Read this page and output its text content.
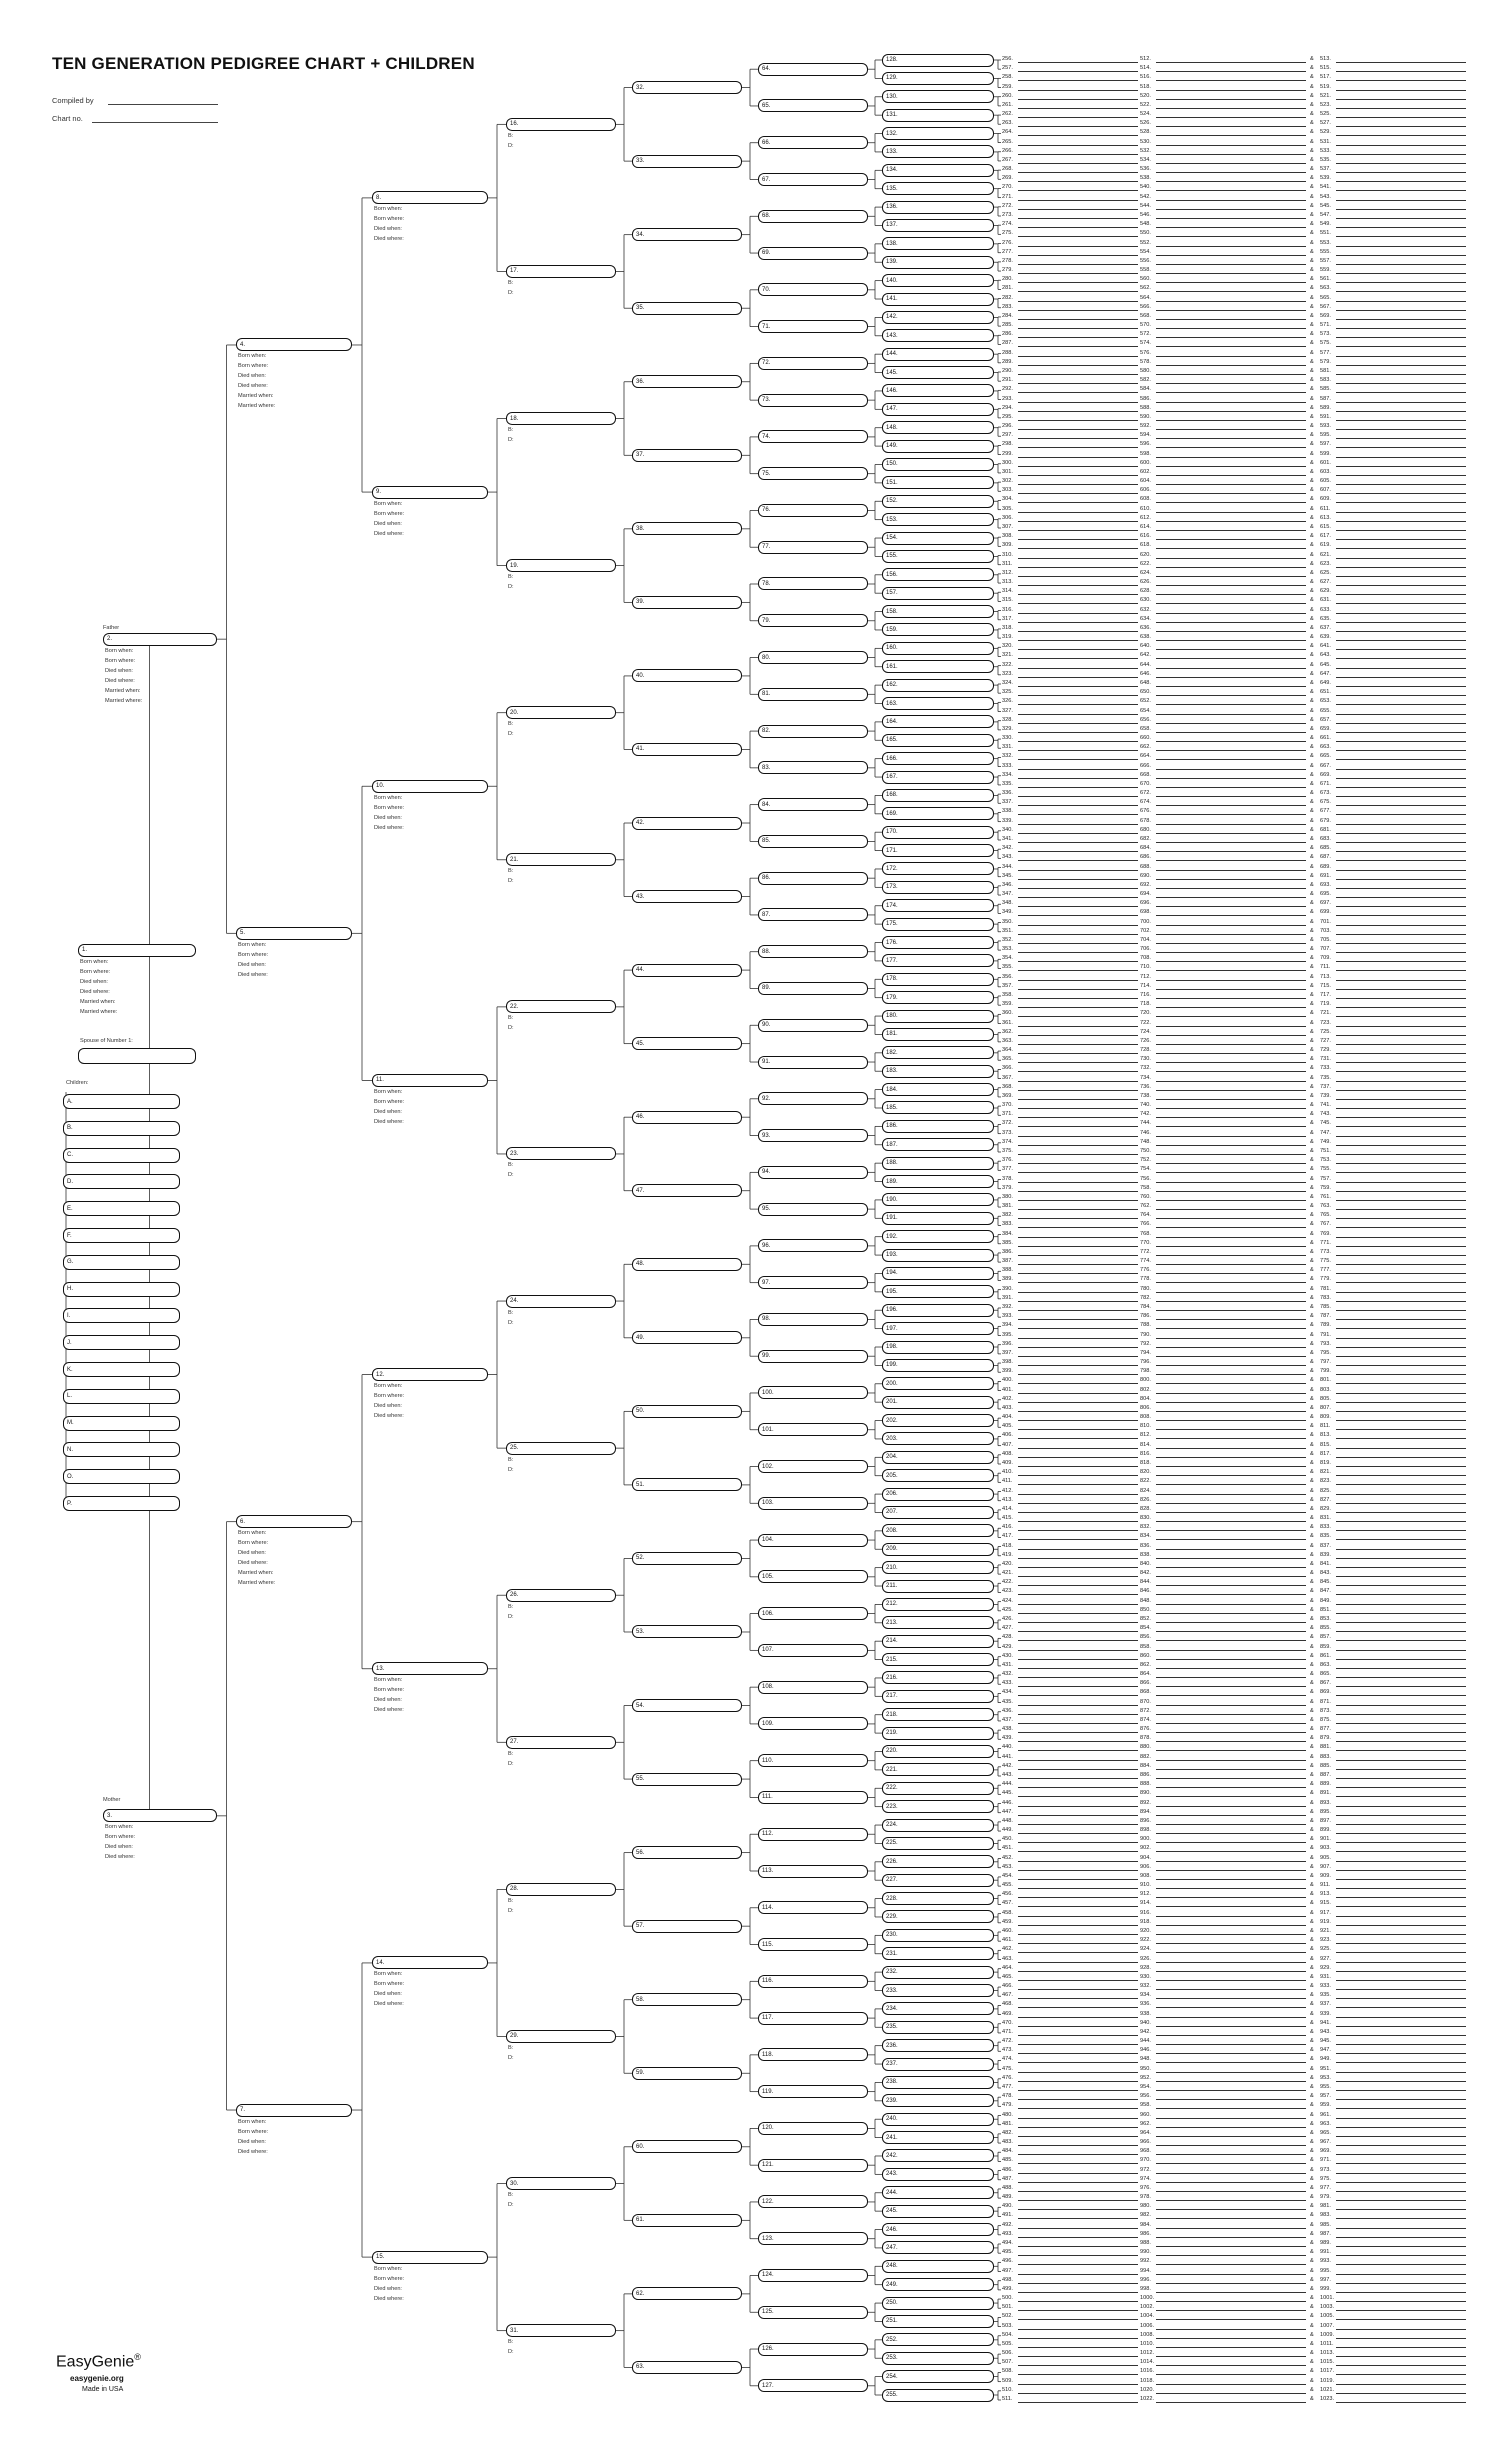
TEN GENERATION PEDIGREE CHART + CHILDREN
Compiled by
Chart no.
Father
Mother
Spouse of Number 1:
Children:
A.
B.
C.
D.
E.
F.
G.
H.
I.
J.
K.
L.
M.
N.
O.
P.
1.
Born when:
Born where:
Died when:
Died where:
Married when:
Married where:
2.
Born when:
Born where:
Died when:
Died where:
Married when:
Married where:
3.
Born when:
Born where:
Died when:
Died where:
4.
Born when:
Born where:
Died when:
Died where:
Married when:
Married where:
5.
Born when:
Born where:
Died when:
Died where:
6.
Born when:
Born where:
Died when:
Died where:
Married when:
Married where:
7.
Born when:
Born where:
Died when:
Died where:
8.
Born when:
Born where:
Died when:
Died where:
9.
Born when:
Born where:
Died when:
Died where:
10.
Born when:
Born where:
Died when:
Died where:
11.
Born when:
Born where:
Died when:
Died where:
12.
Born when:
Born where:
Died when:
Died where:
13.
Born when:
Born where:
Died when:
Died where:
14.
Born when:
Born where:
Died when:
Died where:
15.
Born when:
Born where:
Died when:
Died where:
16.
B:
D:
17.
B:
D:
18.
B:
D:
19.
B:
D:
20.
B:
D:
21.
B:
D:
22.
B:
D:
23.
B:
D:
24.
B:
D:
25.
B:
D:
26.
B:
D:
27.
B:
D:
28.
B:
D:
29.
B:
D:
30.
B:
D:
31.
B:
D:
32.
33.
34.
35.
36.
37.
38.
39.
40.
41.
42.
43.
44.
45.
46.
47.
48.
49.
50.
51.
52.
53.
54.
55.
56.
57.
58.
59.
60.
61.
62.
63.
64.
65.
66.
67.
68.
69.
70.
71.
72.
73.
74.
75.
76.
77.
78.
79.
80.
81.
82.
83.
84.
85.
86.
87.
88.
89.
90.
91.
92.
93.
94.
95.
96.
97.
98.
99.
100.
101.
102.
103.
104.
105.
106.
107.
108.
109.
110.
111.
112.
113.
114.
115.
116.
117.
118.
119.
120.
121.
122.
123.
124.
125.
126.
127.
128.
129.
130.
131.
132.
133.
134.
135.
136.
137.
138.
139.
140.
141.
142.
143.
144.
145.
146.
147.
148.
149.
150.
151.
152.
153.
154.
155.
156.
157.
158.
159.
160.
161.
162.
163.
164.
165.
166.
167.
168.
169.
170.
171.
172.
173.
174.
175.
176.
177.
178.
179.
180.
181.
182.
183.
184.
185.
186.
187.
188.
189.
190.
191.
192.
193.
194.
195.
196.
197.
198.
199.
200.
201.
202.
203.
204.
205.
206.
207.
208.
209.
210.
211.
212.
213.
214.
215.
216.
217.
218.
219.
220.
221.
222.
223.
224.
225.
226.
227.
228.
229.
230.
231.
232.
233.
234.
235.
236.
237.
238.
239.
240.
241.
242.
243.
244.
245.
246.
247.
248.
249.
250.
251.
252.
253.
254.
255.
256.	512.	& 513.
257.	514.	& 515.
258.	516.	& 517.
259.	518.	& 519.
260.	520.	& 521.
261.	522.	& 523.
262.	524.	& 525.
263.	526.	& 527.
264.	528.	& 529.
265.	530.	& 531.
266.	532.	& 533.
267.	534.	& 535.
268.	536.	& 537.
269.	538.	& 539.
270.	540.	& 541.
271.	542.	& 543.
272.	544.	& 545.
273.	546.	& 547.
274.	548.	& 549.
275.	550.	& 551.
276.	552.	& 553.
277.	554.	& 555.
278.	556.	& 557.
279.	558.	& 559.
280.	560.	& 561.
281.	562.	& 563.
282.	564.	& 565.
283.	566.	& 567.
284.	568.	& 569.
285.	570.	& 571.
286.	572.	& 573.
287.	574.	& 575.
288.	576.	& 577.
289.	578.	& 579.
290.	580.	& 581.
291.	582.	& 583.
292.	584.	& 585.
293.	586.	& 587.
294.	588.	& 589.
295.	590.	& 591.
296.	592.	& 593.
297.	594.	& 595.
298.	596.	& 597.
299.	598.	& 599.
300.	600.	& 601.
301.	602.	& 603.
302.	604.	& 605.
303.	606.	& 607.
304.	608.	& 609.
305.	610.	& 611.
306.	612.	& 613.
307.	614.	& 615.
308.	616.	& 617.
309.	618.	& 619.
310.	620.	& 621.
311.	622.	& 623.
312.	624.	& 625.
313.	626.	& 627.
314.	628.	& 629.
315.	630.	& 631.
316.	632.	& 633.
317.	634.	& 635.
318.	636.	& 637.
319.	638.	& 639.
320.	640.	& 641.
321.	642.	& 643.
322.	644.	& 645.
323.	646.	& 647.
324.	648.	& 649.
325.	650.	& 651.
326.	652.	& 653.
327.	654.	& 655.
328.	656.	& 657.
329.	658.	& 659.
330.	660.	& 661.
331.	662.	& 663.
332.	664.	& 665.
333.	666.	& 667.
334.	668.	& 669.
335.	670.	& 671.
336.	672.	& 673.
337.	674.	& 675.
338.	676.	& 677.
339.	678.	& 679.
340.	680.	& 681.
341.	682.	& 683.
342.	684.	& 685.
343.	686.	& 687.
344.	688.	& 689.
345.	690.	& 691.
346.	692.	& 693.
347.	694.	& 695.
348.	696.	& 697.
349.	698.	& 699.
350.	700.	& 701.
351.	702.	& 703.
352.	704.	& 705.
353.	706.	& 707.
354.	708.	& 709.
355.	710.	& 711.
356.	712.	& 713.
357.	714.	& 715.
358.	716.	& 717.
359.	718.	& 719.
360.	720.	& 721.
361.	722.	& 723.
362.	724.	& 725.
363.	726.	& 727.
364.	728.	& 729.
365.	730.	& 731.
366.	732.	& 733.
367.	734.	& 735.
368.	736.	& 737.
369.	738.	& 739.
370.	740.	& 741.
371.	742.	& 743.
372.	744.	& 745.
373.	746.	& 747.
374.	748.	& 749.
375.	750.	& 751.
376.	752.	& 753.
377.	754.	& 755.
378.	756.	& 757.
379.	758.	& 759.
380.	760.	& 761.
381.	762.	& 763.
382.	764.	& 765.
383.	766.	& 767.
384.	768.	& 769.
385.	770.	& 771.
386.	772.	& 773.
387.	774.	& 775.
388.	776.	& 777.
389.	778.	& 779.
390.	780.	& 781.
391.	782.	& 783.
392.	784.	& 785.
393.	786.	& 787.
394.	788.	& 789.
395.	790.	& 791.
396.	792.	& 793.
397.	794.	& 795.
398.	796.	& 797.
399.	798.	& 799.
400.	800.	& 801.
401.	802.	& 803.
402.	804.	& 805.
403.	806.	& 807.
404.	808.	& 809.
405.	810.	& 811.
406.	812.	& 813.
407.	814.	& 815.
408.	816.	& 817.
409.	818.	& 819.
410.	820.	& 821.
411.	822.	& 823.
412.	824.	& 825.
413.	826.	& 827.
414.	828.	& 829.
415.	830.	& 831.
416.	832.	& 833.
417.	834.	& 835.
418.	836.	& 837.
419.	838.	& 839.
420.	840.	& 841.
421.	842.	& 843.
422.	844.	& 845.
423.	846.	& 847.
424.	848.	& 849.
425.	850.	& 851.
426.	852.	& 853.
427.	854.	& 855.
428.	856.	& 857.
429.	858.	& 859.
430.	860.	& 861.
431.	862.	& 863.
432.	864.	& 865.
433.	866.	& 867.
434.	868.	& 869.
435.	870.	& 871.
436.	872.	& 873.
437.	874.	& 875.
438.	876.	& 877.
439.	878.	& 879.
440.	880.	& 881.
441.	882.	& 883.
442.	884.	& 885.
443.	886.	& 887.
444.	888.	& 889.
445.	890.	& 891.
446.	892.	& 893.
447.	894.	& 895.
448.	896.	& 897.
449.	898.	& 899.
450.	900.	& 901.
451.	902.	& 903.
452.	904.	& 905.
453.	906.	& 907.
454.	908.	& 909.
455.	910.	& 911.
456.	912.	& 913.
457.	914.	& 915.
458.	916.	& 917.
459.	918.	& 919.
460.	920.	& 921.
461.	922.	& 923.
462.	924.	& 925.
463.	926.	& 927.
464.	928.	& 929.
465.	930.	& 931.
466.	932.	& 933.
467.	934.	& 935.
468.	936.	& 937.
469.	938.	& 939.
470.	940.	& 941.
471.	942.	& 943.
472.	944.	& 945.
473.	946.	& 947.
474.	948.	& 949.
475.	950.	& 951.
476.	952.	& 953.
477.	954.	& 955.
478.	956.	& 957.
479.	958.	& 959.
480.	960.	& 961.
481.	962.	& 963.
482.	964.	& 965.
483.	966.	& 967.
484.	968.	& 969.
485.	970.	& 971.
486.	972.	& 973.
487.	974.	& 975.
488.	976.	& 977.
489.	978.	& 979.
490.	980.	& 981.
491.	982.	& 983.
492.	984.	& 985.
493.	986.	& 987.
494.	988.	& 989.
495.	990.	& 991.
496.	992.	& 993.
497.	994.	& 995.
498.	996.	& 997.
499.	998.	& 999.
500.	1000.	& 1001.
501.	1002.	& 1003.
502.	1004.	& 1005.
503.	1006.	& 1007.
504.	1008.	& 1009.
505.	1010.	& 1011.
506.	1012.	& 1013.
507.	1014.	& 1015.
508.	1016.	& 1017.
509.	1018.	& 1019.
510.	1020.	& 1021.
511.	1022.	& 1023.
EasyGenie®
easygenie.org
Made in USA
